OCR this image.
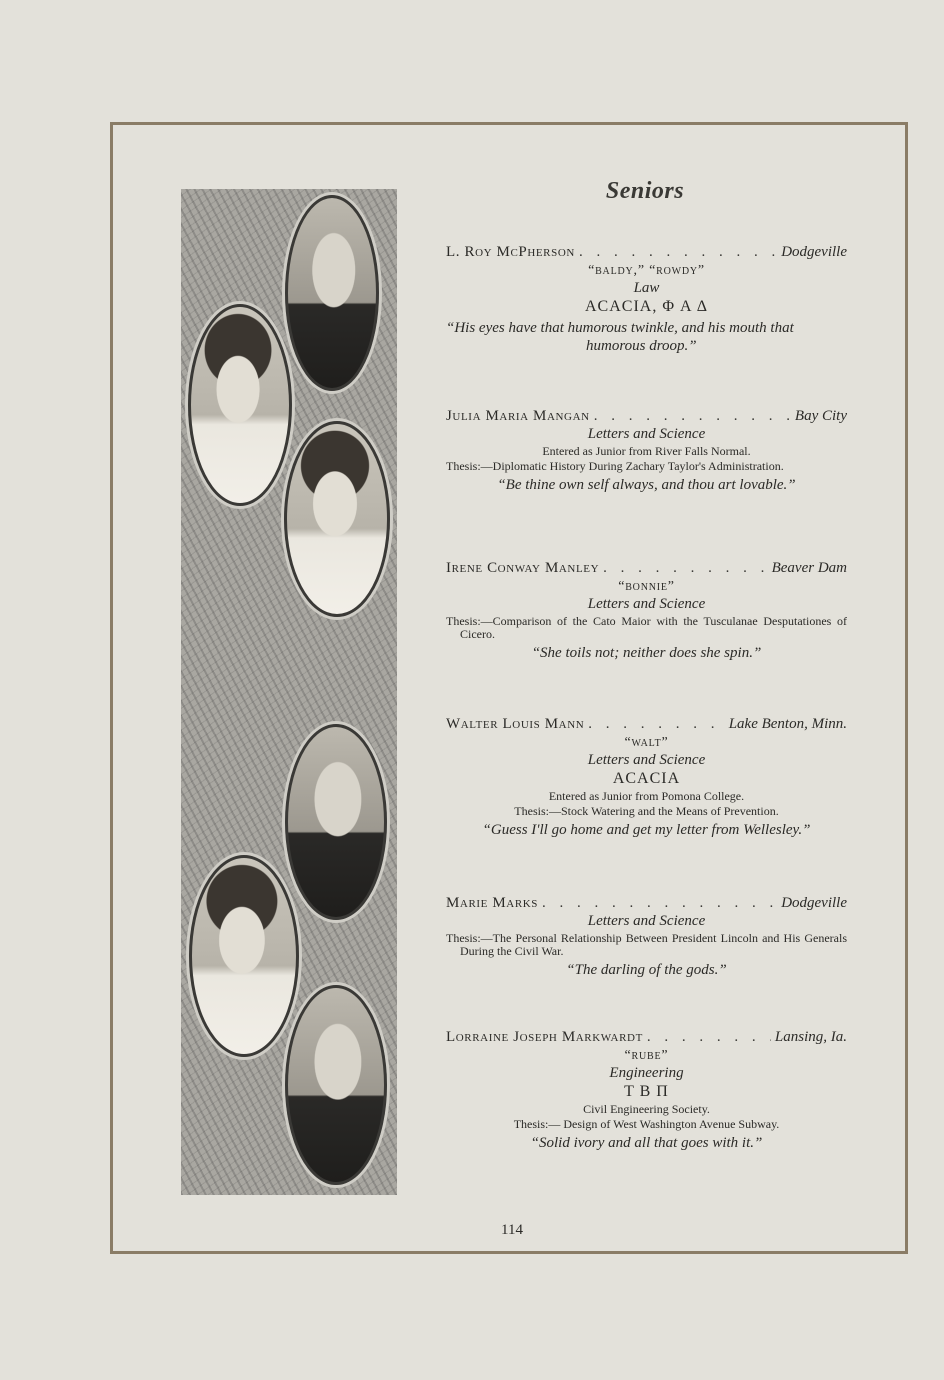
Seniors
L. Roy McPherson . . .	Dodgeville
“baldy,” “rowdy”
Law
ACACIA, Φ A Δ
“His eyes have that humorous twinkle, and his mouth that humorous droop.”
Julia Maria Mangan . . .	Bay City
Letters and Science
Entered as Junior from River Falls Normal.
Thesis:—Diplomatic History During Zachary Taylor's Administration.
“Be thine own self always, and thou art lovable.”
Irene Conway Manley . . .	Beaver Dam
“bonnie”
Letters and Science
Thesis:—Comparison of the Cato Maior with the Tusculanae Desputationes of Cicero.
“She toils not; neither does she spin.”
Walter Louis Mann . . .	Lake Benton, Minn.
“walt”
Letters and Science
ACACIA
Entered as Junior from Pomona College.
Thesis:—Stock Watering and the Means of Prevention.
“Guess I'll go home and get my letter from Wellesley.”
Marie Marks . . .	Dodgeville
Letters and Science
Thesis:—The Personal Relationship Between President Lincoln and His Generals During the Civil War.
“The darling of the gods.”
Lorraine Joseph Markwardt . . .	Lansing, Ia.
“rube”
Engineering
T B Π
Civil Engineering Society.
Thesis:— Design of West Washington Avenue Subway.
“Solid ivory and all that goes with it.”
114
